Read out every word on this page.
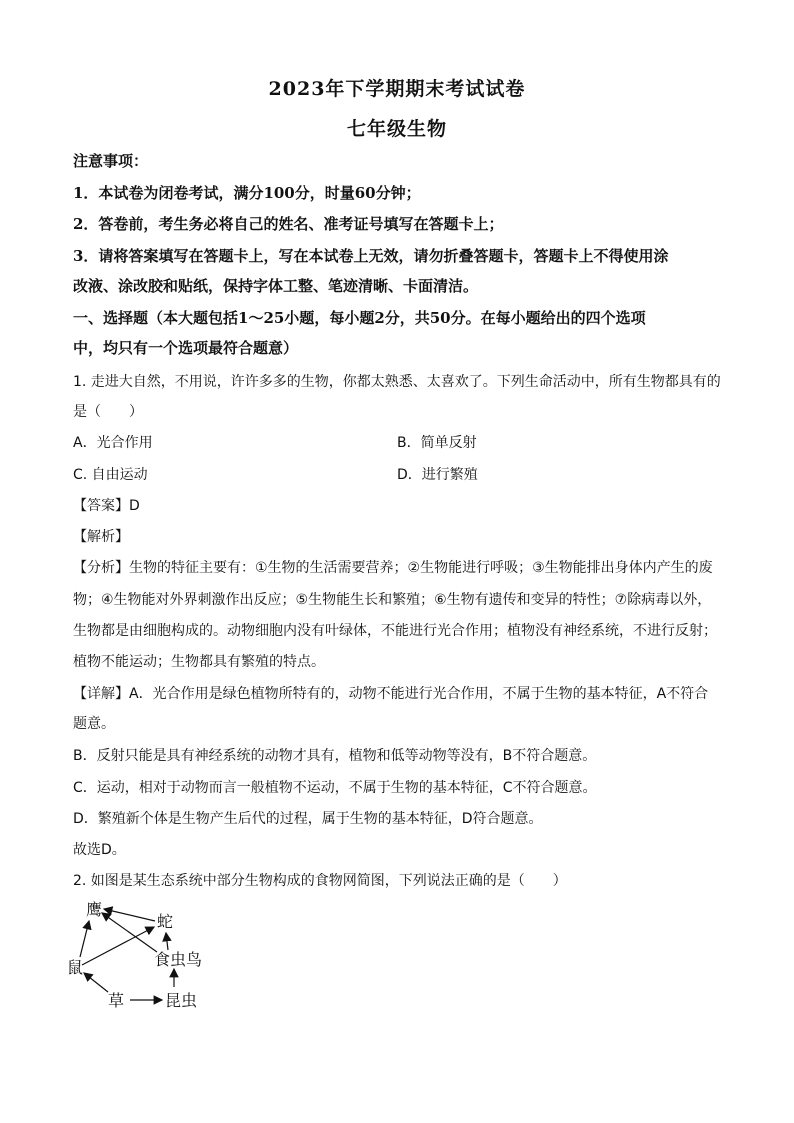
2023年下学期期末考试试卷
七年级生物
注意事项：
1．本试卷为闭卷考试，满分100分，时量60分钟；
2．答卷前，考生务必将自己的姓名、准考证号填写在答题卡上；
3．请将答案填写在答题卡上，写在本试卷上无效，请勿折叠答题卡，答题卡上不得使用涂
改液、涂改胶和贴纸，保持字体工整、笔迹清晰、卡面清洁。
一、选择题（本大题包括1～25小题，每小题2分，共50分。在每小题给出的四个选项
中，均只有一个选项最符合题意）
1. 走进大自然，不用说，许许多多的生物，你都太熟悉、太喜欢了。下列生命活动中，所有生物都具有的
是（　　）
A．光合作用	B．简单反射
C. 自由运动	D．进行繁殖
【答案】D
【解析】
【分析】生物的特征主要有：①生物的生活需要营养；②生物能进行呼吸；③生物能排出身体内产生的废
物；④生物能对外界刺激作出反应；⑤生物能生长和繁殖；⑥生物有遗传和变异的特性；⑦除病毒以外，
生物都是由细胞构成的。动物细胞内没有叶绿体，不能进行光合作用；植物没有神经系统，不进行反射；
植物不能运动；生物都具有繁殖的特点。
【详解】A．光合作用是绿色植物所特有的，动物不能进行光合作用，不属于生物的基本特征，A不符合
题意。
B．反射只能是具有神经系统的动物才具有，植物和低等动物等没有，B不符合题意。
C．运动，相对于动物而言一般植物不运动，不属于生物的基本特征，C不符合题意。
D．繁殖新个体是生物产生后代的过程，属于生物的基本特征，D符合题意。
故选D。
2. 如图是某生态系统中部分生物构成的食物网简图，下列说法正确的是（　　）
鹰
蛇
鼠	食虫鸟
草	昆虫
